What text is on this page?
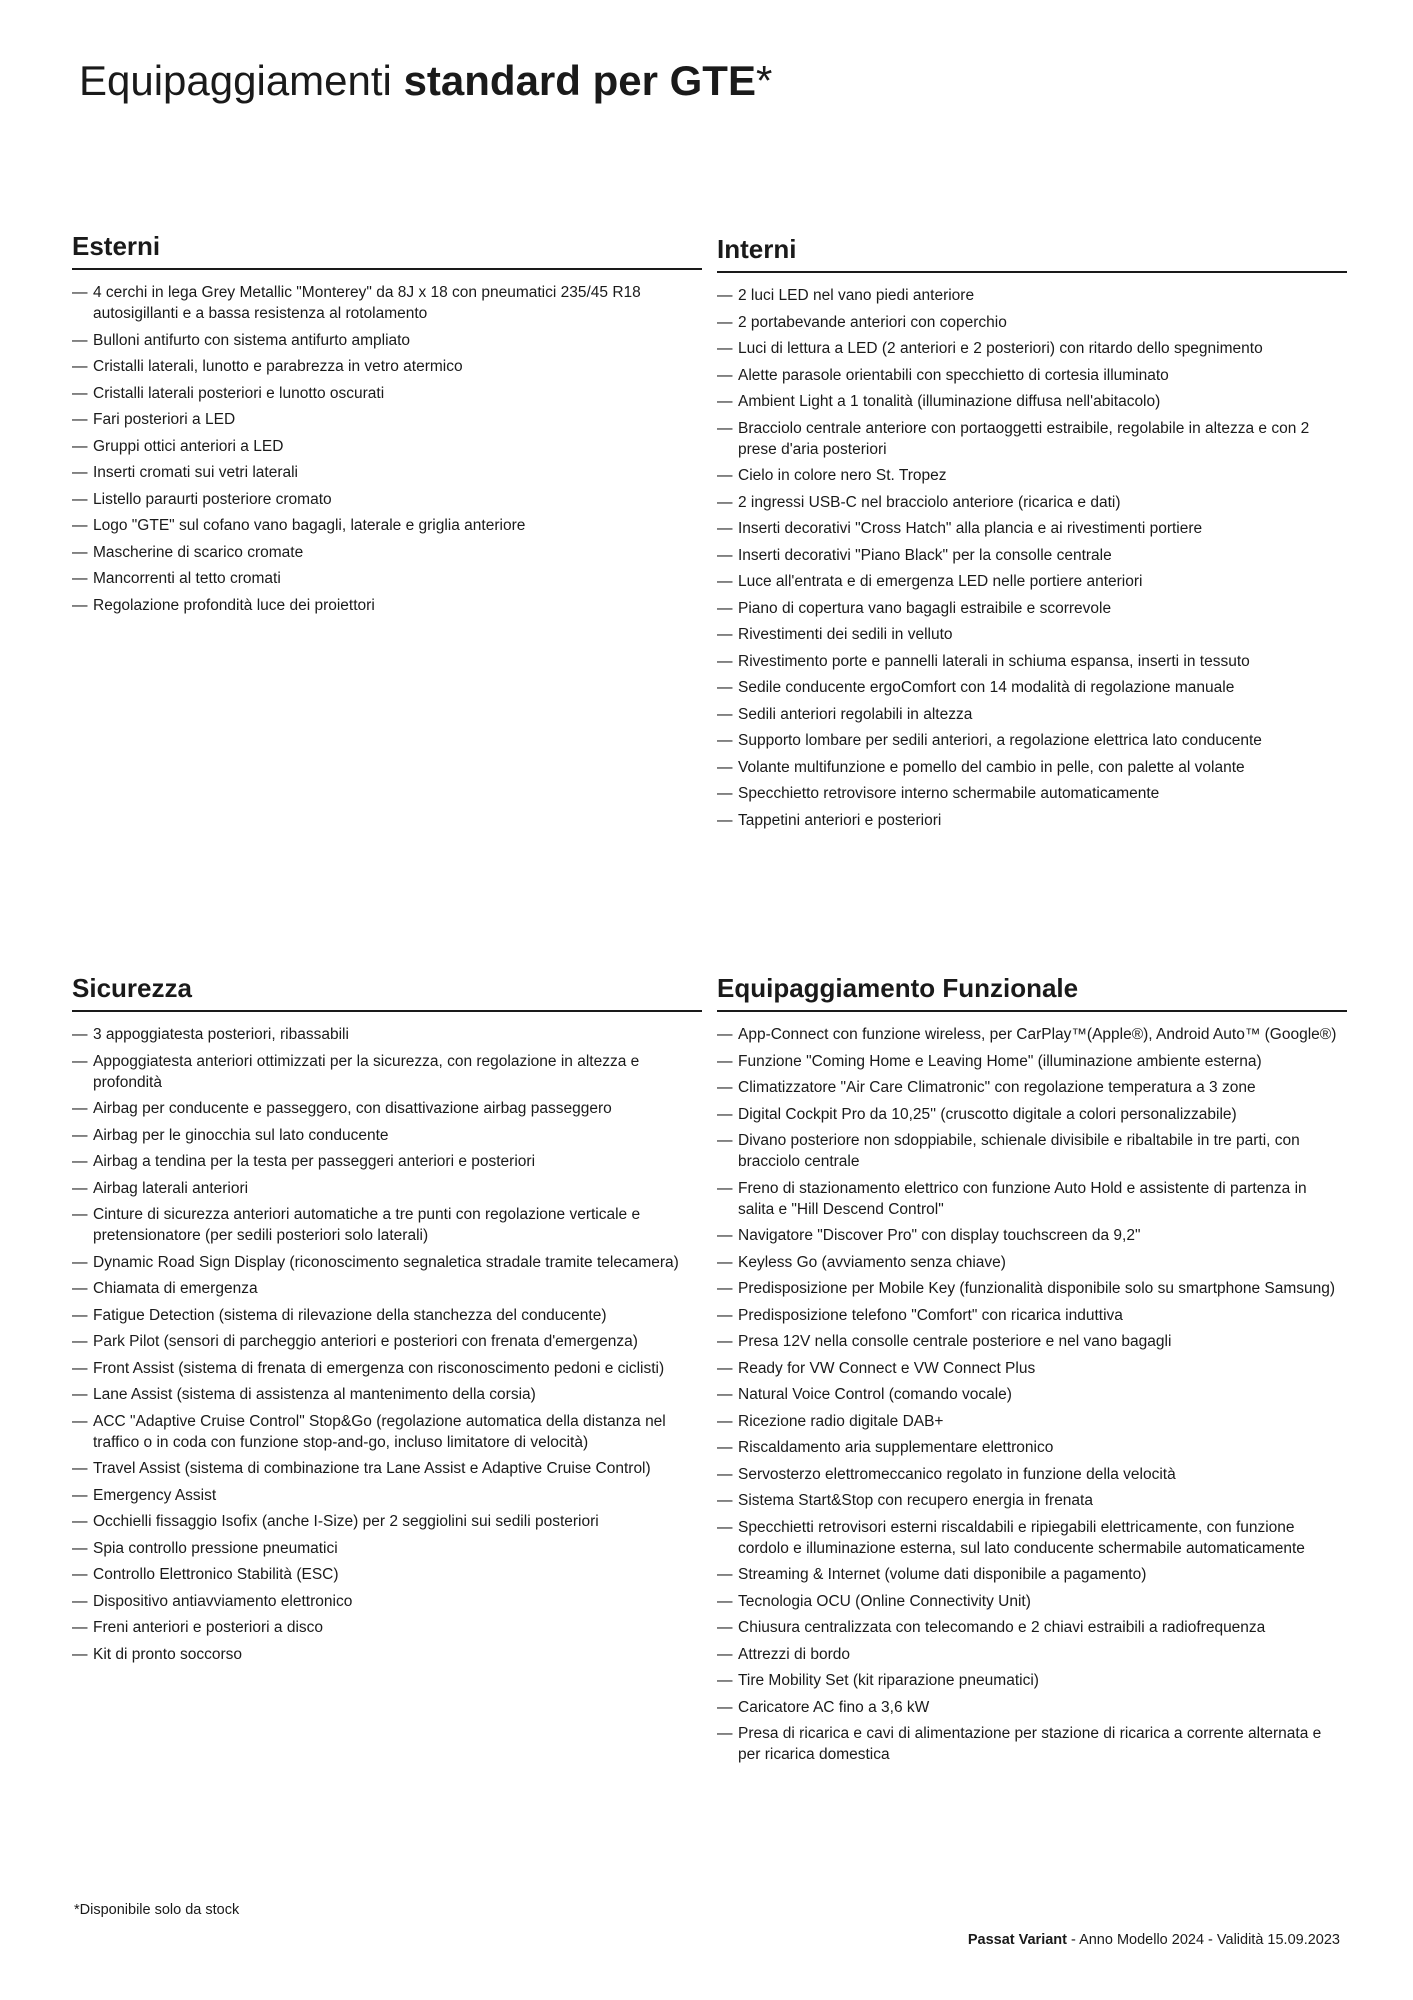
Equipaggiamenti standard per GTE*
Esterni
— 4 cerchi in lega Grey Metallic "Monterey" da 8J x 18 con pneumatici 235/45 R18 autosigillanti e a bassa resistenza al rotolamento
— Bulloni antifurto con sistema antifurto ampliato
— Cristalli laterali, lunotto e parabrezza in vetro atermico
— Cristalli laterali posteriori e lunotto oscurati
— Fari posteriori a LED
— Gruppi ottici anteriori a LED
— Inserti cromati sui vetri laterali
— Listello paraurti posteriore cromato
— Logo "GTE" sul cofano vano bagagli, laterale e griglia anteriore
— Mascherine di scarico cromate
— Mancorrenti al tetto cromati
— Regolazione profondità luce dei proiettori
Interni
— 2 luci LED nel vano piedi anteriore
— 2 portabevande anteriori con coperchio
— Luci di lettura a LED (2 anteriori e 2 posteriori) con ritardo dello spegnimento
— Alette parasole orientabili con specchietto di cortesia illuminato
— Ambient Light a 1 tonalità (illuminazione diffusa nell'abitacolo)
— Bracciolo centrale anteriore con portaoggetti estraibile, regolabile in altezza e con 2 prese d'aria posteriori
— Cielo in colore nero St. Tropez
— 2 ingressi USB-C nel bracciolo anteriore (ricarica e dati)
— Inserti decorativi "Cross Hatch" alla plancia e ai rivestimenti portiere
— Inserti decorativi "Piano Black" per la consolle centrale
— Luce all'entrata e di emergenza LED nelle portiere anteriori
— Piano di copertura vano bagagli estraibile e scorrevole
— Rivestimenti dei sedili in velluto
— Rivestimento porte e pannelli laterali in schiuma espansa, inserti in tessuto
— Sedile conducente ergoComfort con 14 modalità di regolazione manuale
— Sedili anteriori regolabili in altezza
— Supporto lombare per sedili anteriori, a regolazione elettrica lato conducente
— Volante multifunzione e pomello del cambio in pelle, con palette al volante
— Specchietto retrovisore interno schermabile automaticamente
— Tappetini anteriori e posteriori
Sicurezza
— 3 appoggiatesta posteriori, ribassabili
— Appoggiatesta anteriori ottimizzati per la sicurezza, con regolazione in altezza e profondità
— Airbag per conducente e passeggero, con disattivazione airbag passeggero
— Airbag per le ginocchia sul lato conducente
— Airbag a tendina per la testa per passeggeri anteriori e posteriori
— Airbag laterali anteriori
— Cinture di sicurezza anteriori automatiche a tre punti con regolazione verticale e pretensionatore (per sedili posteriori solo laterali)
— Dynamic Road Sign Display (riconoscimento segnaletica stradale tramite telecamera)
— Chiamata di emergenza
— Fatigue Detection (sistema di rilevazione della stanchezza del conducente)
— Park Pilot (sensori di parcheggio anteriori e posteriori con frenata d'emergenza)
— Front Assist (sistema di frenata di emergenza con risconoscimento pedoni e ciclisti)
— Lane Assist (sistema di assistenza al mantenimento della corsia)
— ACC "Adaptive Cruise Control" Stop&Go (regolazione automatica della distanza nel traffico o in coda con funzione stop-and-go, incluso limitatore di velocità)
— Travel Assist (sistema di combinazione tra Lane Assist e Adaptive Cruise Control)
— Emergency Assist
— Occhielli fissaggio Isofix (anche I-Size) per 2 seggiolini sui sedili posteriori
— Spia controllo pressione pneumatici
— Controllo Elettronico Stabilità (ESC)
— Dispositivo antiavviamento elettronico
— Freni anteriori e posteriori a disco
— Kit di pronto soccorso
Equipaggiamento Funzionale
— App-Connect con funzione wireless, per CarPlay™(Apple®), Android Auto™ (Google®)
— Funzione "Coming Home e Leaving Home" (illuminazione ambiente esterna)
— Climatizzatore "Air Care Climatronic" con regolazione temperatura a 3 zone
— Digital Cockpit Pro da 10,25'' (cruscotto digitale a colori personalizzabile)
— Divano posteriore non sdoppiabile, schienale divisibile e ribaltabile in tre parti, con bracciolo centrale
— Freno di stazionamento elettrico con funzione Auto Hold e assistente di partenza in salita e "Hill Descend Control"
— Navigatore "Discover Pro" con display touchscreen da 9,2"
— Keyless Go (avviamento senza chiave)
— Predisposizione per Mobile Key (funzionalità disponibile solo su smartphone Samsung)
— Predisposizione telefono "Comfort" con ricarica induttiva
— Presa 12V nella consolle centrale posteriore e nel vano bagagli
— Ready for VW Connect e VW Connect Plus
— Natural Voice Control (comando vocale)
— Ricezione radio digitale DAB+
— Riscaldamento aria supplementare elettronico
— Servosterzo elettromeccanico regolato in funzione della velocità
— Sistema Start&Stop con recupero energia in frenata
— Specchietti retrovisori esterni riscaldabili e ripiegabili elettricamente, con funzione cordolo e illuminazione esterna, sul lato conducente schermabile automaticamente
— Streaming & Internet (volume dati disponibile a pagamento)
— Tecnologia OCU (Online Connectivity Unit)
— Chiusura centralizzata con telecomando e 2 chiavi estraibili a radiofrequenza
— Attrezzi di bordo
— Tire Mobility Set (kit riparazione pneumatici)
— Caricatore AC fino a 3,6 kW
— Presa di ricarica e cavi di alimentazione per stazione di ricarica a corrente alternata e per ricarica domestica
*Disponibile solo da stock
Passat Variant - Anno Modello 2024 - Validità 15.09.2023
